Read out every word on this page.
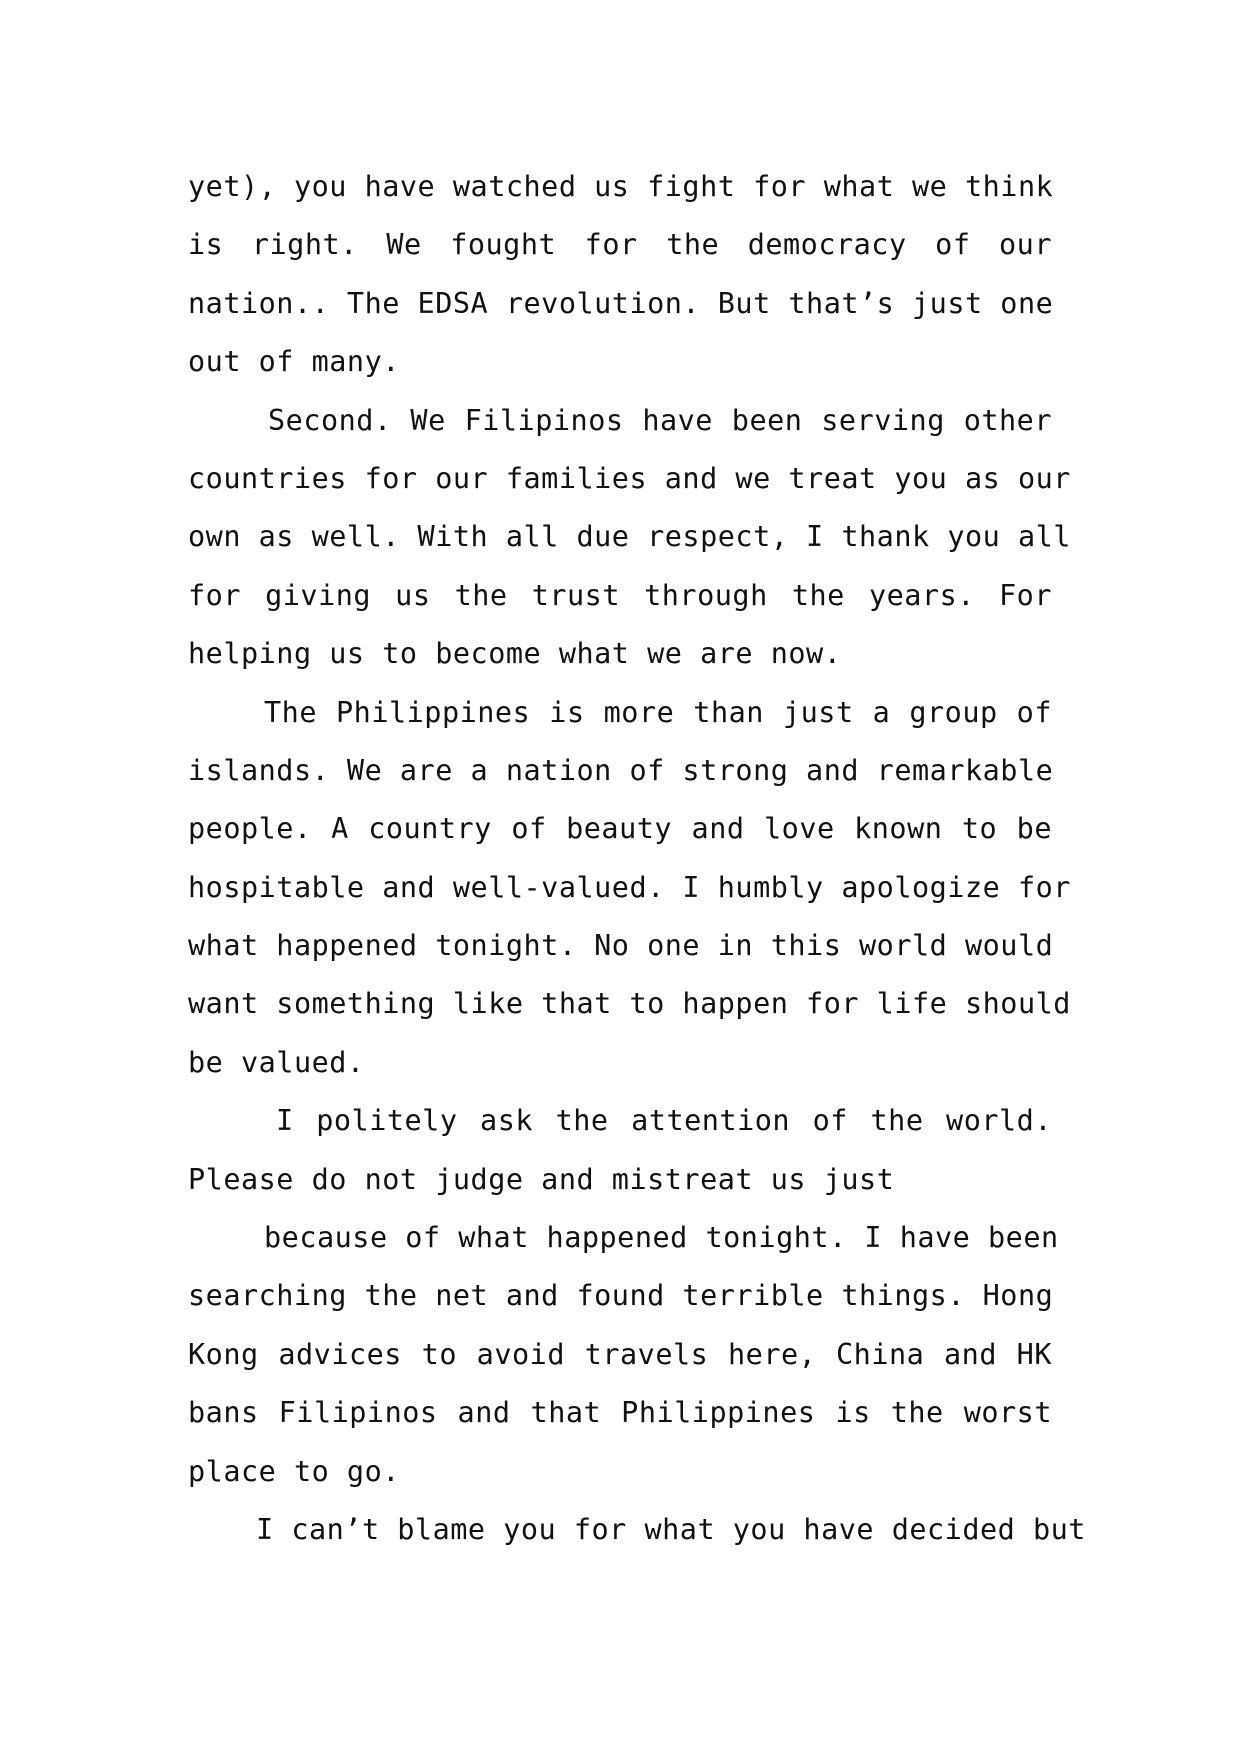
yet), you have watched us fight for what we think
is right. We fought for the democracy of our
nation.. The EDSA revolution. But that’s just one
out of many.
Second. We Filipinos have been serving other
countries for our families and we treat you as our
own as well. With all due respect, I thank you all
for giving us the trust through the years. For
helping us to become what we are now.
The Philippines is more than just a group of
islands. We are a nation of strong and remarkable
people. A country of beauty and love known to be
hospitable and well-valued. I humbly apologize for
what happened tonight. No one in this world would
want something like that to happen for life should
be valued.
I politely ask the attention of the world.
Please do not judge and mistreat us just
because of what happened tonight. I have been
searching the net and found terrible things. Hong
Kong advices to avoid travels here, China and HK
bans Filipinos and that Philippines is the worst
place to go.
I can’t blame you for what you have decided but
